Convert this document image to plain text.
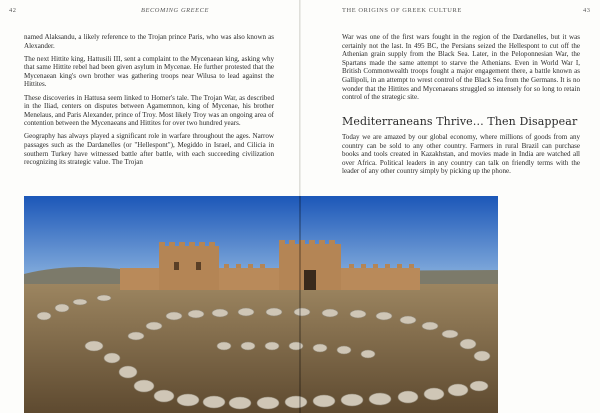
42	BECOMING GREECE	THE ORIGINS OF GREEK CULTURE	43

named Alaksandu, a likely reference to the Trojan prince Paris, who was also known as Alexander.

The next Hittite king, Hattusili III, sent a complaint to the Mycenaean king, asking why that same Hittite rebel had been given asylum in Mycenae. He further protested that the Mycenaean king's own brother was gathering troops near Wilusa to lead against the Hittites.

These discoveries in Hattusa seem linked to Homer's tale. The Trojan War, as described in the Iliad, centers on disputes between Agamemnon, king of Mycenae, his brother Menelaus, and Paris Alexander, prince of Troy. Most likely Troy was an ongoing area of contention between the Mycenaeans and Hittites for over two hundred years.

Geography has always played a significant role in warfare throughout the ages. Narrow passages such as the Dardanelles (or "Hellespont"), Megiddo in Israel, and Cilicia in southern Turkey have witnessed battle after battle, with each succeeding civilization recognizing its strategic value. The Trojan

War was one of the first wars fought in the region of the Dardanelles, but it was certainly not the last. In 495 BC, the Persians seized the Hellespont to cut off the Athenian grain supply from the Black Sea. Later, in the Peloponnesian War, the Spartans made the same attempt to starve the Athenians. Even in World War I, British Commonwealth troops fought a major engagement there, a battle known as Gallipoli, in an attempt to wrest control of the Black Sea from the Germans. It is no wonder that the Hittites and Mycenaeans struggled so intensely for so long to retain control of the strategic site.

Mediterraneans Thrive… Then Disappear

Today we are amazed by our global economy, where millions of goods from any country can be sold to any other country. Farmers in rural Brazil can purchase books and tools created in Kazakhstan, and movies made in India are watched all over Africa. Political leaders in any country can talk on friendly terms with the leader of any other country simply by picking up the phone.
